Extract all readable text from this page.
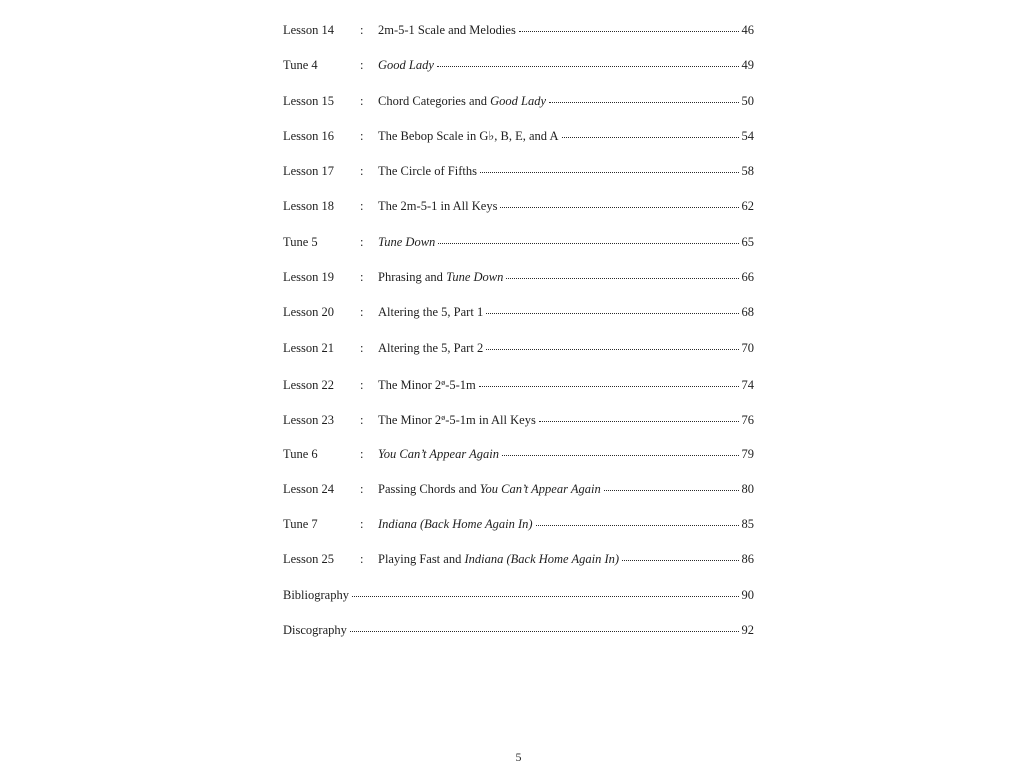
Lesson 14	:	2m-5-1 Scale and Melodies	46
Tune 4	:	Good Lady	49
Lesson 15	:	Chord Categories and Good Lady	50
Lesson 16	:	The Bebop Scale in G♭, B, E, and A	54
Lesson 17	:	The Circle of Fifths	58
Lesson 18	:	The 2m-5-1 in All Keys	62
Tune 5	:	Tune Down	65
Lesson 19	:	Phrasing and Tune Down	66
Lesson 20	:	Altering the 5, Part 1	68
Lesson 21	:	Altering the 5, Part 2	70
Lesson 22	:	The Minor $2^ø-5-1m$	74
Lesson 23	:	The Minor $2^ø-5-1m$ in All Keys	76
Tune 6	:	You Can’t Appear Again	79
Lesson 24	:	Passing Chords and You Can’t Appear Again	80
Tune 7	:	Indiana (Back Home Again In)	85
Lesson 25	:	Playing Fast and Indiana (Back Home Again In)	86
Bibliography	90
Discography	92
5
